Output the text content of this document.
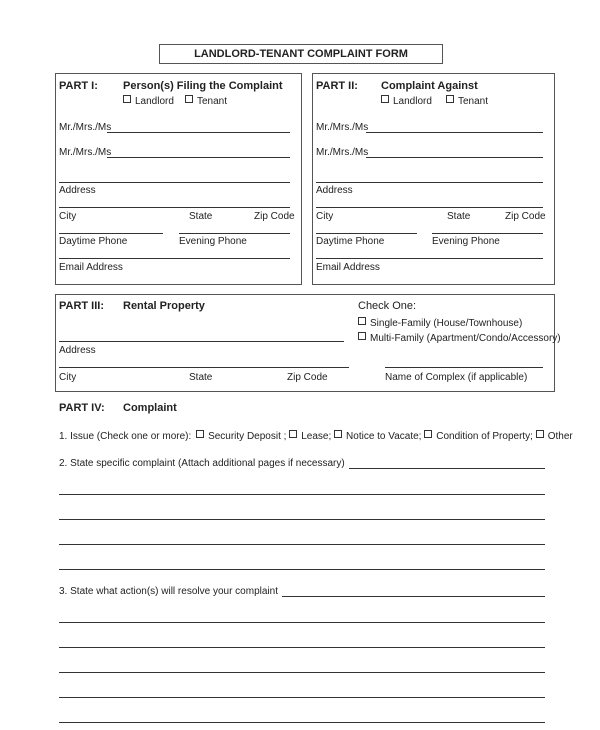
LANDLORD-TENANT COMPLAINT FORM
PART I: Person(s) Filing the Complaint
Landlord	Tenant
Mr./Mrs./Ms
Mr./Mrs./Ms
Address
City	State	Zip Code
Daytime Phone	Evening Phone
Email Address
PART II: Complaint Against
Landlord	Tenant
Mr./Mrs./Ms
Mr./Mrs./Ms
Address
City	State	Zip Code
Daytime Phone	Evening Phone
Email Address
PART III: Rental Property	Check One:
Single-Family (House/Townhouse)
Multi-Family (Apartment/Condo/Accessory)
Address
City	State	Zip Code	Name of Complex (if applicable)
PART IV: Complaint
1. Issue (Check one or more): Security Deposit ; Lease; Notice to Vacate; Condition of Property; Other
2. State specific complaint (Attach additional pages if necessary)
3. State what action(s) will resolve your complaint
